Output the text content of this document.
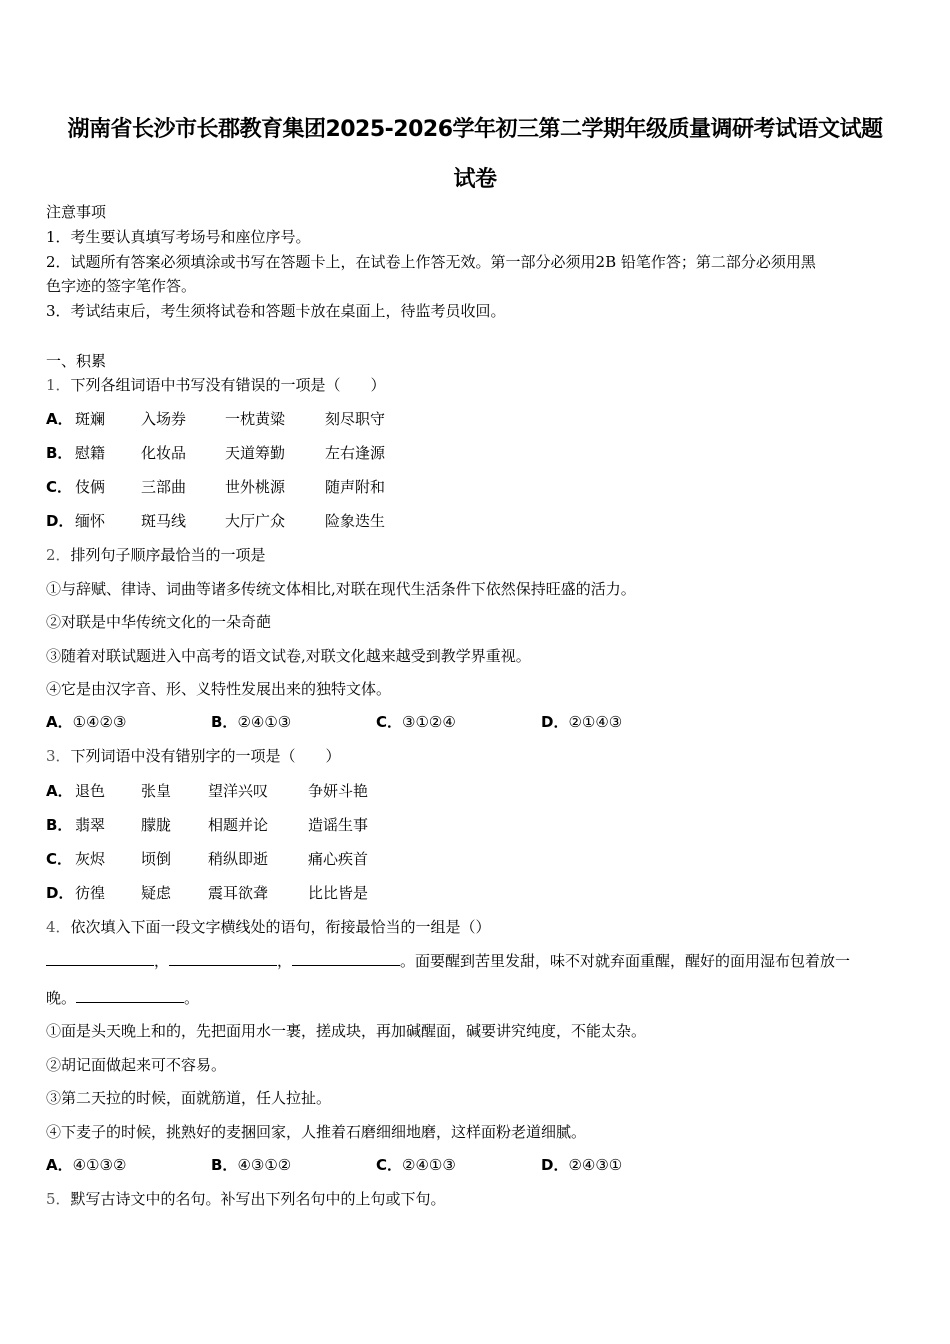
湖南省长沙市长郡教育集团2025-2026学年初三第二学期年级质量调研考试语文试题
试卷
注意事项
1．考生要认真填写考场号和座位序号。
2．试题所有答案必须填涂或书写在答题卡上，在试卷上作答无效。第一部分必须用2B 铅笔作答；第二部分必须用黑
色字迹的签字笔作答。
3．考试结束后，考生须将试卷和答题卡放在桌面上，待监考员收回。
一、积累
1．下列各组词语中书写没有错误的一项是（　　）
A． 斑斓 入场券	一枕黄粱	刻尽职守
B． 慰籍 化妆品	天道筹勤	左右逢源
C． 伎俩 三部曲	世外桃源	随声附和
D． 缅怀 斑马线	大厅广众	险象迭生
2．排列句子顺序最恰当的一项是
①与辞赋、律诗、词曲等诸多传统文体相比,对联在现代生活条件下依然保持旺盛的活力。
②对联是中华传统文化的一朵奇葩
③随着对联试题进入中高考的语文试卷,对联文化越来越受到教学界重视。
④它是由汉字音、形、义特性发展出来的独特文体。
A．①④②③	B．②④①③	C．③①②④	D．②①④③
3．下列词语中没有错别字的一项是（　　）
A． 退色 张皇 望洋兴叹	争妍斗艳
B． 翡翠 朦胧 相题并论	造谣生事
C． 灰烬 顷倒 稍纵即逝	痛心疾首
D． 彷徨 疑虑 震耳欲聋	比比皆是
4．依次填入下面一段文字横线处的语句，衔接最恰当的一组是（）
，	，	。面要醒到苦里发甜，味不对就弃面重醒，醒好的面用湿布包着放一
晚。	。
①面是头天晚上和的，先把面用水一裹，搓成块，再加碱醒面，碱要讲究纯度，不能太杂。
②胡记面做起来可不容易。
③第二天拉的时候，面就筋道，任人拉扯。
④下麦子的时候，挑熟好的麦捆回家，人推着石磨细细地磨，这样面粉老道细腻。
A．④①③②	B．④③①②	C．②④①③	D．②④③①
5．默写古诗文中的名句。补写出下列名句中的上句或下句。
